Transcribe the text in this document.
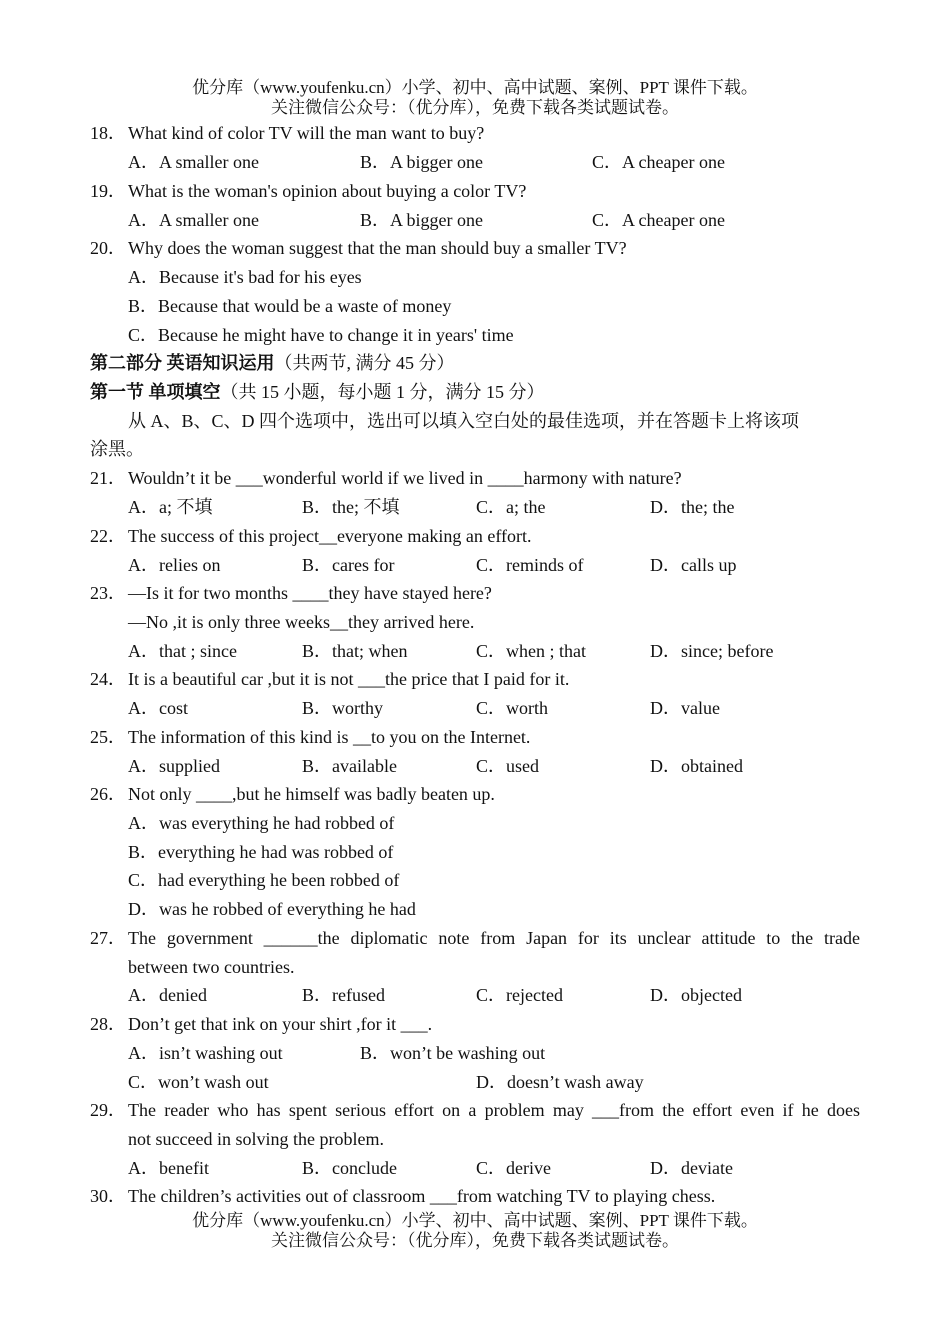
优分库（www.youfenku.cn）小学、初中、高中试题、案例、PPT 课件下载。
关注微信公众号：（优分库），免费下载各类试题试卷。
18． What kind of color TV will the man want to buy?
A．A smaller one	B．A bigger one	C．A cheaper one
19． What is the woman's opinion about buying a color TV?
A．A smaller one	B．A bigger one	C．A cheaper one
20． Why does the woman suggest that the man should buy a smaller TV?
A．Because it's bad for his eyes
B．Because that would be a waste of money
C．Because he might have to change it in years' time
第二部分 英语知识运用（共两节, 满分 45 分）
第一节 单项填空（共 15 小题，每小题 1 分，满分 15 分）
从 A、B、C、D 四个选项中，选出可以填入空白处的最佳选项，并在答题卡上将该项
涂黑。
21． Wouldn’t it be ___wonderful world if we lived in ____harmony with nature?
A．a; 不填	B．the; 不填	C．a; the	D．the; the
22． The success of this project__everyone making an effort.
A．relies on	B．cares for	C．reminds of	D．calls up
23． —Is it for two months ____they have stayed here?
—No ,it is only three weeks__they arrived here.
A．that ; since	B．that; when	C．when ; that	D．since; before
24． It is a beautiful car ,but it is not ___the price that I paid for it.
A．cost	B．worthy	C．worth	D．value
25． The information of this kind is __to you on the Internet.
A．supplied	B．available	C．used	D．obtained
26． Not only ____,but he himself was badly beaten up.
A．was everything he had robbed of
B．everything he had was robbed of
C．had everything he been robbed of
D．was he robbed of everything he had
27． The government ______the diplomatic note from Japan for its unclear attitude to the trade
between two countries.
A．denied	B．refused	C．rejected	D．objected
28． Don’t get that ink on your shirt ,for it ___.
A．isn’t washing out	B．won’t be washing out
C．won’t wash out	D．doesn’t wash away
29． The reader who has spent serious effort on a problem may ___from the effort even if he does
not succeed in solving the problem.
A．benefit	B．conclude	C．derive	D．deviate
30． The children’s activities out of classroom ___from watching TV to playing chess.
优分库（www.youfenku.cn）小学、初中、高中试题、案例、PPT 课件下载。
关注微信公众号：（优分库），免费下载各类试题试卷。
